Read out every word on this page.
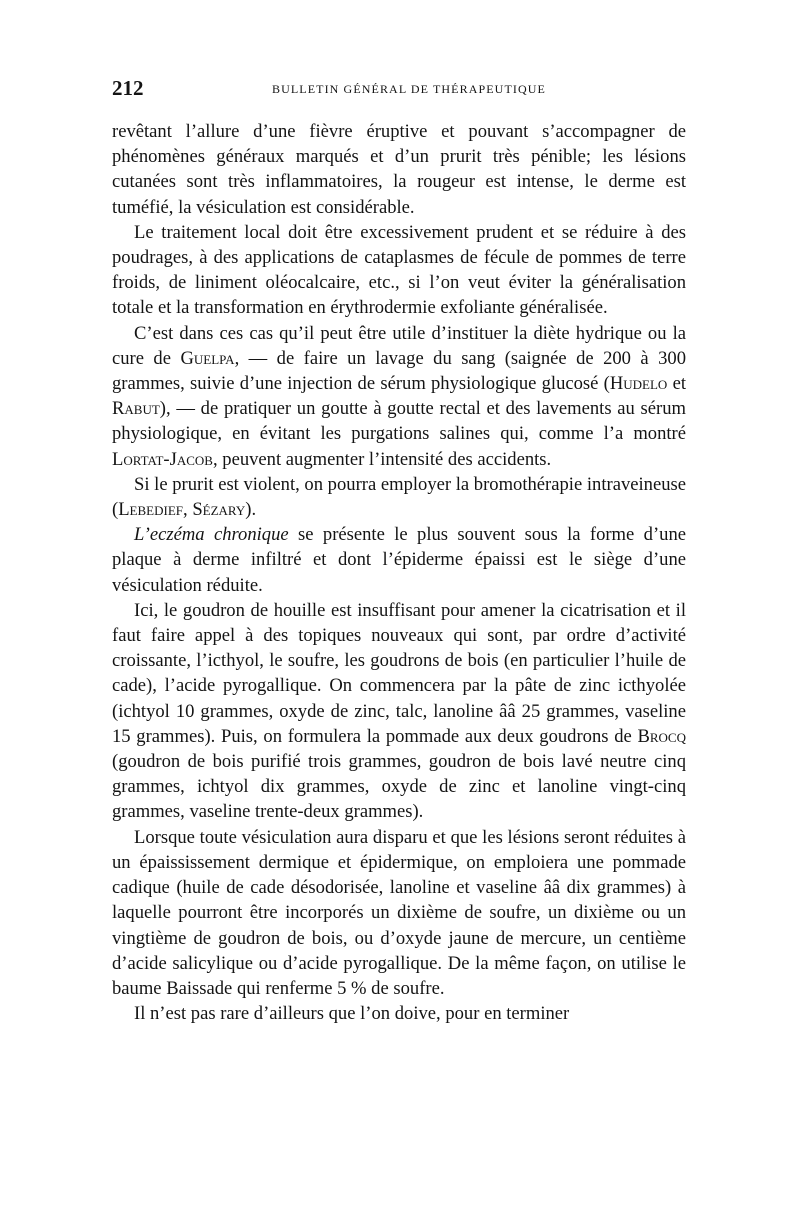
212	BULLETIN GÉNÉRAL DE THÉRAPEUTIQUE

revêtant l’allure d’une fièvre éruptive et pouvant s’accompagner de phénomènes généraux marqués et d’un prurit très pénible; les lésions cutanées sont très inflammatoires, la rougeur est intense, le derme est tuméfié, la vésiculation est considérable.

Le traitement local doit être excessivement prudent et se réduire à des poudrages, à des applications de cataplasmes de fécule de pommes de terre froids, de liniment oléocalcaire, etc., si l’on veut éviter la généralisation totale et la transformation en érythrodermie exfoliante généralisée.

C’est dans ces cas qu’il peut être utile d’instituer la diète hydrique ou la cure de Guelpa, — de faire un lavage du sang (saignée de 200 à 300 grammes, suivie d’une injection de sérum physiologique glucosé (Hudelo et Rabut), — de pratiquer un goutte à goutte rectal et des lavements au sérum physiologique, en évitant les purgations salines qui, comme l’a montré Lortat-Jacob, peuvent augmenter l’intensité des accidents.

Si le prurit est violent, on pourra employer la bromothérapie intraveineuse (Lebedief, Sézary).

L’eczéma chronique se présente le plus souvent sous la forme d’une plaque à derme infiltré et dont l’épiderme épaissi est le siège d’une vésiculation réduite.

Ici, le goudron de houille est insuffisant pour amener la cicatrisation et il faut faire appel à des topiques nouveaux qui sont, par ordre d’activité croissante, l’icthyol, le soufre, les goudrons de bois (en particulier l’huile de cade), l’acide pyrogallique. On commencera par la pâte de zinc icthyolée (ichtyol 10 grammes, oxyde de zinc, talc, lanoline ââ 25 grammes, vaseline 15 grammes). Puis, on formulera la pommade aux deux goudrons de Brocq (goudron de bois purifié trois grammes, goudron de bois lavé neutre cinq grammes, ichtyol dix grammes, oxyde de zinc et lanoline vingt-cinq grammes, vaseline trente-deux grammes).

Lorsque toute vésiculation aura disparu et que les lésions seront réduites à un épaississement dermique et épidermique, on emploiera une pommade cadique (huile de cade désodorisée, lanoline et vaseline ââ dix grammes) à laquelle pourront être incorporés un dixième de soufre, un dixième ou un vingtième de goudron de bois, ou d’oxyde jaune de mercure, un centième d’acide salicylique ou d’acide pyrogallique. De la même façon, on utilise le baume Baissade qui renferme 5 % de soufre.

Il n’est pas rare d’ailleurs que l’on doive, pour en terminer
